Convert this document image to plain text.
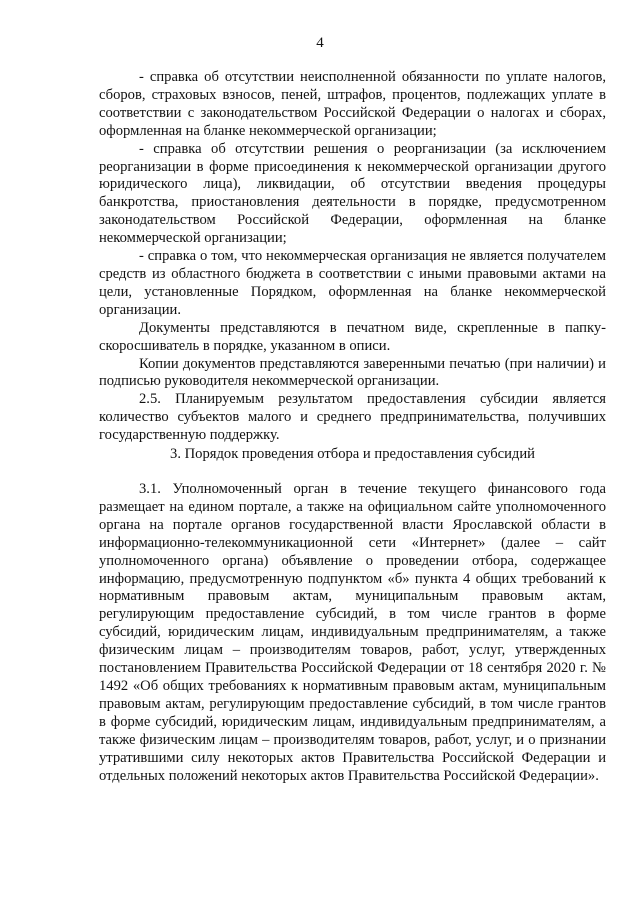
4

- справка об отсутствии неисполненной обязанности по уплате налогов, сборов, страховых взносов, пеней, штрафов, процентов, подлежащих уплате в соответствии с законодательством Российской Федерации о налогах и сборах, оформленная на бланке некоммерческой организации;

- справка об отсутствии решения о реорганизации (за исключением реорганизации в форме присоединения к некоммерческой организации другого юридического лица), ликвидации, об отсутствии введения процедуры банкротства, приостановления деятельности в порядке, предусмотренном законодательством Российской Федерации, оформленная на бланке некоммерческой организации;

- справка о том, что некоммерческая организация не является получателем средств из областного бюджета в соответствии с иными правовыми актами на цели, установленные Порядком, оформленная на бланке некоммерческой организации.

Документы представляются в печатном виде, скрепленные в папку-скоросшиватель в порядке, указанном в описи.

Копии документов представляются заверенными печатью (при наличии) и подписью руководителя некоммерческой организации.

2.5. Планируемым результатом предоставления субсидии является количество субъектов малого и среднего предпринимательства, получивших государственную поддержку.

3. Порядок проведения отбора и предоставления субсидий

3.1. Уполномоченный орган в течение текущего финансового года размещает на едином портале, а также на официальном сайте уполномоченного органа на портале органов государственной власти Ярославской области в информационно-телекоммуникационной сети «Интернет» (далее – сайт уполномоченного органа) объявление о проведении отбора, содержащее информацию, предусмотренную подпунктом «б» пункта 4 общих требований к нормативным правовым актам, муниципальным правовым актам, регулирующим предоставление субсидий, в том числе грантов в форме субсидий, юридическим лицам, индивидуальным предпринимателям, а также физическим лицам – производителям товаров, работ, услуг, утвержденных постановлением Правительства Российской Федерации от 18 сентября 2020 г. № 1492 «Об общих требованиях к нормативным правовым актам, муниципальным правовым актам, регулирующим предоставление субсидий, в том числе грантов в форме субсидий, юридическим лицам, индивидуальным предпринимателям, а также физическим лицам – производителям товаров, работ, услуг, и о признании утратившими силу некоторых актов Правительства Российской Федерации и отдельных положений некоторых актов Правительства Российской Федерации».
